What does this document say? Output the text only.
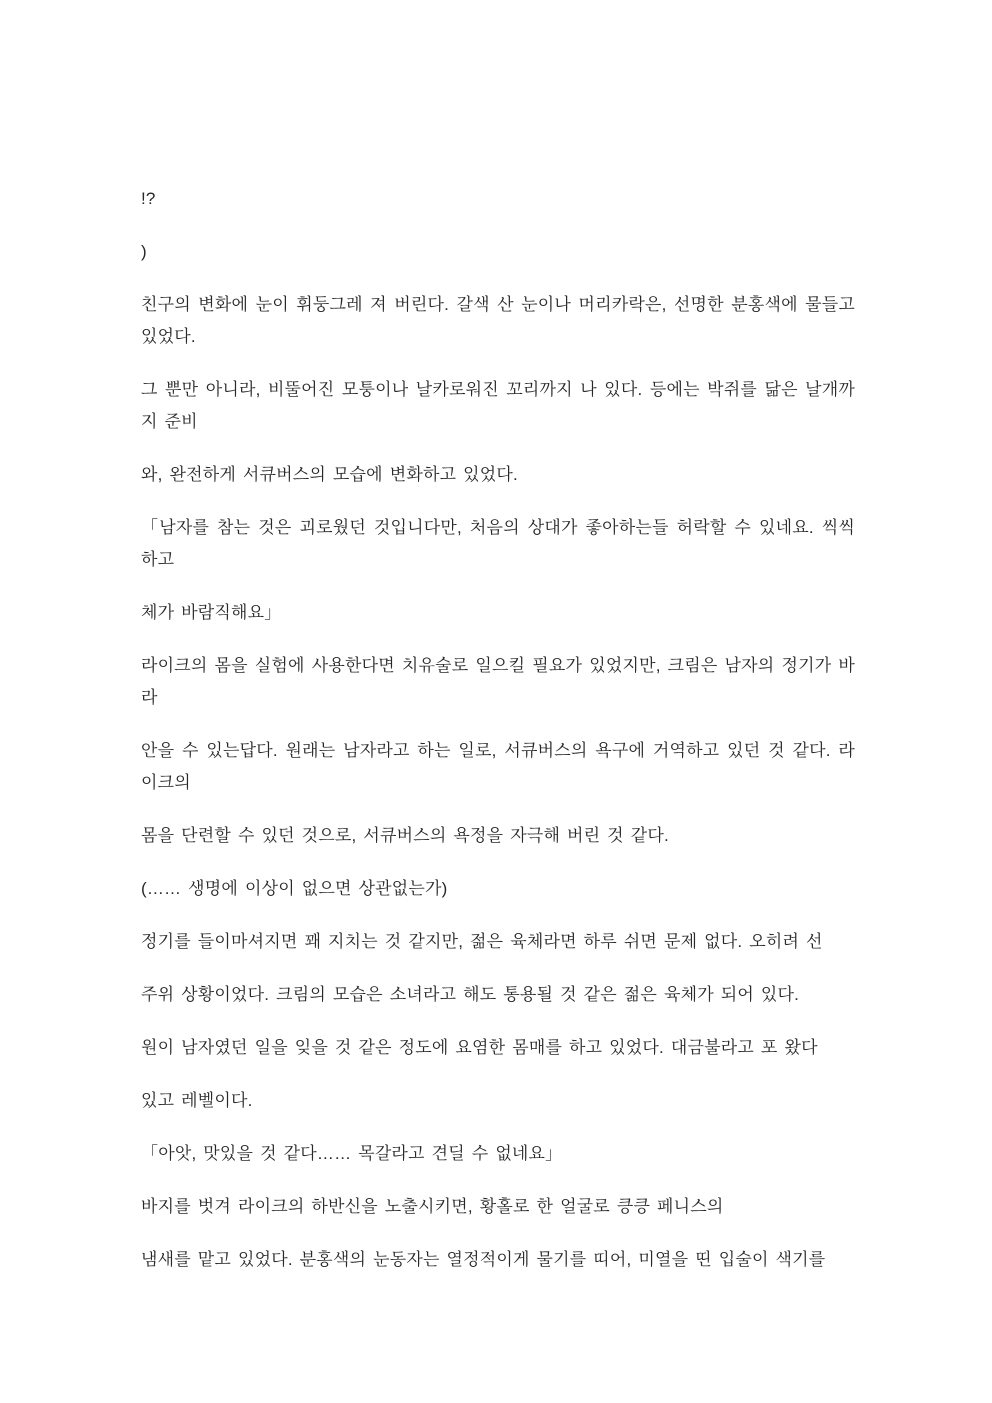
!?

)

친구의 변화에 눈이 휘둥그레 져 버린다. 갈색 산 눈이나 머리카락은, 선명한 분홍색에 물들고 있었다.

그 뿐만 아니라, 비뚤어진 모퉁이나 날카로워진 꼬리까지 나 있다. 등에는 박쥐를 닮은 날개까지 준비

와, 완전하게 서큐버스의 모습에 변화하고 있었다.

「남자를 참는 것은 괴로웠던 것입니다만, 처음의 상대가 좋아하는들 허락할 수 있네요. 씩씩하고

체가 바람직해요」

라이크의 몸을 실험에 사용한다면 치유술로 일으킬 필요가 있었지만, 크림은 남자의 정기가 바라

안을 수 있는답다. 원래는 남자라고 하는 일로, 서큐버스의 욕구에 거역하고 있던 것 같다. 라이크의

몸을 단련할 수 있던 것으로, 서큐버스의 욕정을 자극해 버린 것 같다.

(…… 생명에 이상이 없으면 상관없는가)

정기를 들이마셔지면 꽤 지치는 것 같지만, 젊은 육체라면 하루 쉬면 문제 없다. 오히려 선

주위 상황이었다. 크림의 모습은 소녀라고 해도 통용될 것 같은 젊은 육체가 되어 있다.

원이 남자였던 일을 잊을 것 같은 정도에 요염한 몸매를 하고 있었다. 대금불라고 포 왔다

있고 레벨이다.

「아앗, 맛있을 것 같다…… 목갈라고 견딜 수 없네요」

바지를 벗겨 라이크의 하반신을 노출시키면, 황홀로 한 얼굴로 킁킁 페니스의

냄새를 맡고 있었다. 분홍색의 눈동자는 열정적이게 물기를 띠어, 미열을 띤 입술이 색기를
